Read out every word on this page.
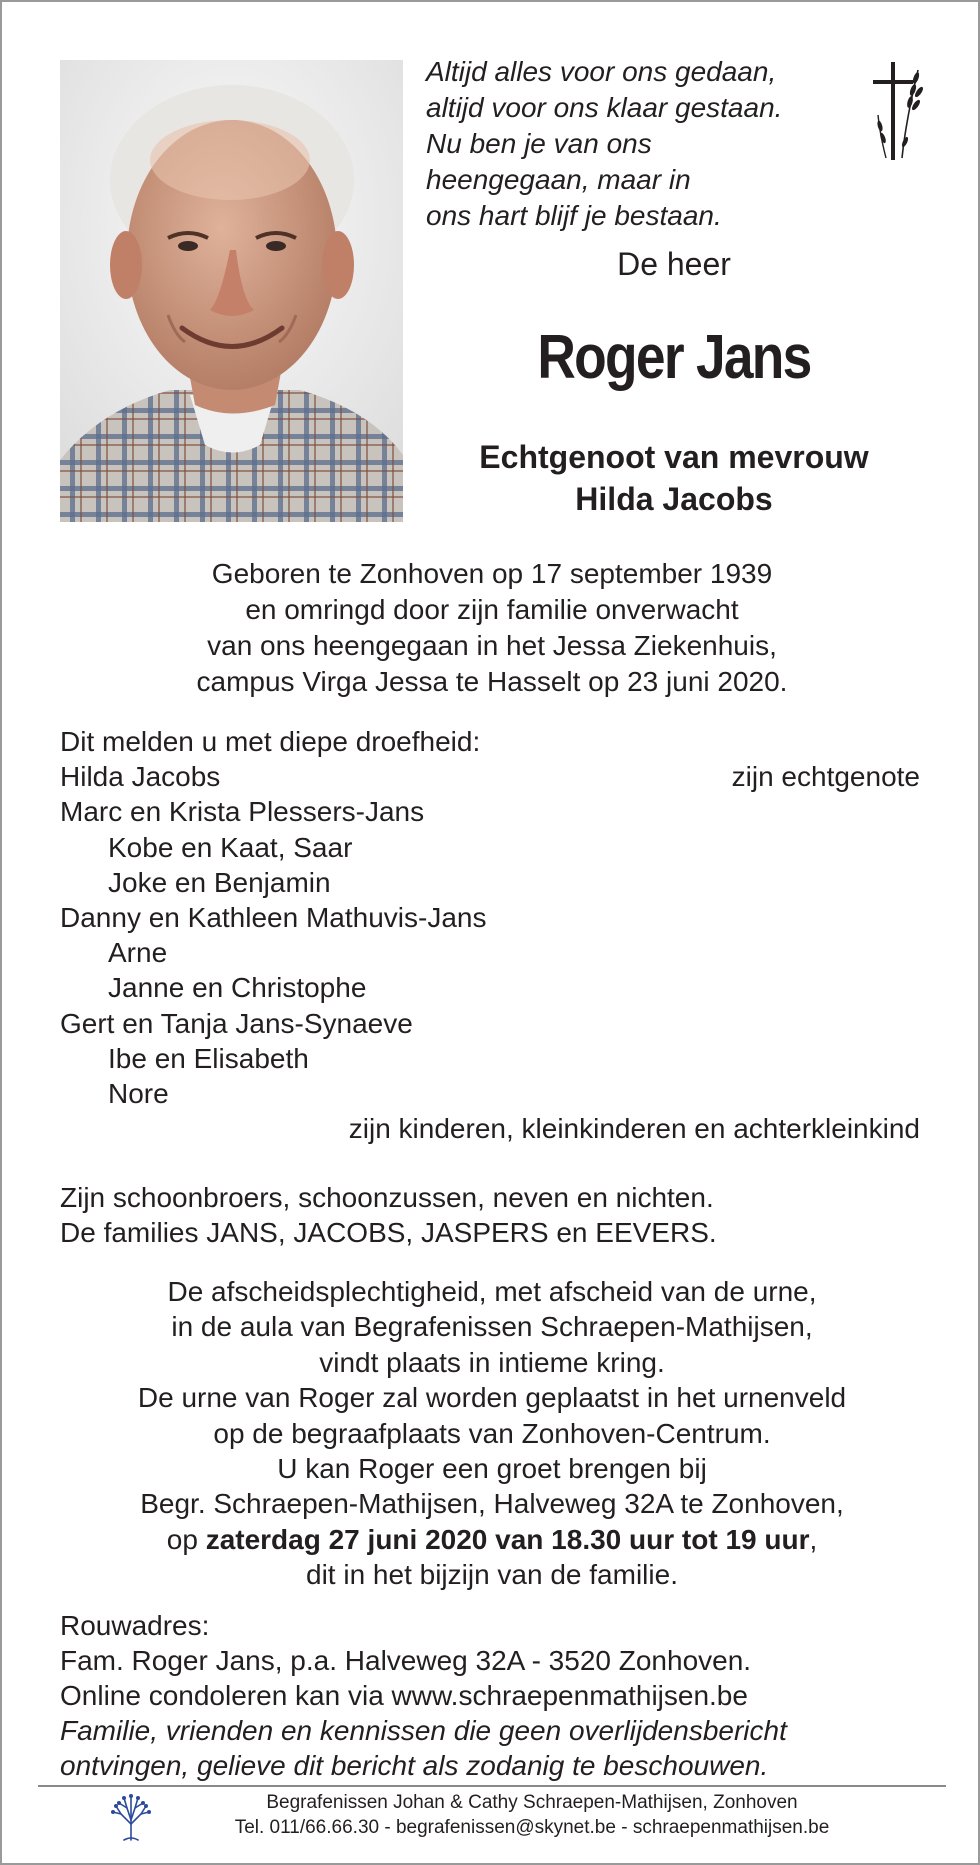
Altijd alles voor ons gedaan,
altijd voor ons klaar gestaan.
Nu ben je van ons
heengegaan, maar in
ons hart blijf je bestaan.
De heer
Roger Jans
Echtgenoot van mevrouw
Hilda Jacobs
Geboren te Zonhoven op 17 september 1939
en omringd door zijn familie onverwacht
van ons heengegaan in het Jessa Ziekenhuis,
campus Virga Jessa te Hasselt op 23 juni 2020.
Dit melden u met diepe droefheid:
Hilda Jacobs	zijn echtgenote
Marc en Krista Plessers-Jans
Kobe en Kaat, Saar
Joke en Benjamin
Danny en Kathleen Mathuvis-Jans
Arne
Janne en Christophe
Gert en Tanja Jans-Synaeve
Ibe en Elisabeth
Nore
zijn kinderen, kleinkinderen en achterkleinkind
Zijn schoonbroers, schoonzussen, neven en nichten.
De families JANS, JACOBS, JASPERS en EEVERS.
De afscheidsplechtigheid, met afscheid van de urne,
in de aula van Begrafenissen Schraepen-Mathijsen,
vindt plaats in intieme kring.
De urne van Roger zal worden geplaatst in het urnenveld
op de begraafplaats van Zonhoven-Centrum.
U kan Roger een groet brengen bij
Begr. Schraepen-Mathijsen, Halveweg 32A te Zonhoven,
op zaterdag 27 juni 2020 van 18.30 uur tot 19 uur,
dit in het bijzijn van de familie.
Rouwadres:
Fam. Roger Jans, p.a. Halveweg 32A - 3520 Zonhoven.
Online condoleren kan via www.schraepenmathijsen.be
Familie, vrienden en kennissen die geen overlijdensbericht
ontvingen, gelieve dit bericht als zodanig te beschouwen.
Begrafenissen Johan & Cathy Schraepen-Mathijsen, Zonhoven
Tel. 011/66.66.30 - begrafenissen@skynet.be - schraepenmathijsen.be
